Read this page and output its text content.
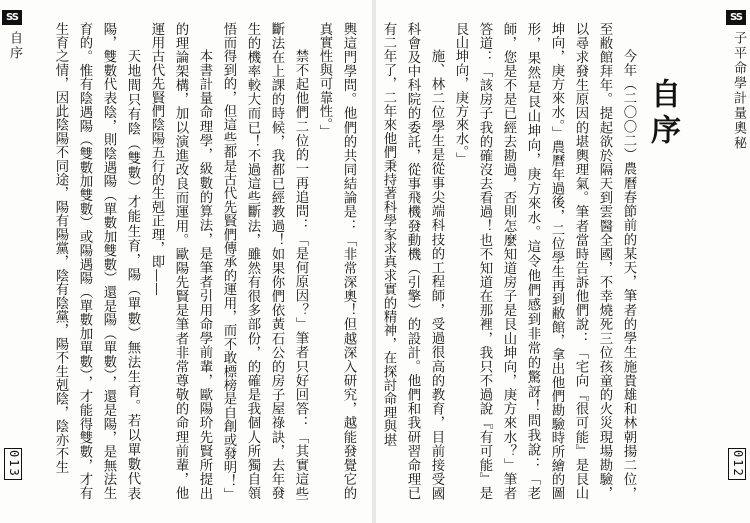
SS
自序
013	輿這門學問。他們的共同結論是：「非常深奧！但越深入研究，越能發覺它的真實性與可靠性。」

禁不起他們二位的一再追問：「是何原因？」筆者只好回答：「其實這些斷法在上課的時候，我都已經教過！如果你們依黃石公的房子屋祿訣，去年發生的機率較大而已！不過這些斷法，雖然有很多部份，的確是我個人所獨自領悟而得到的，但這些都是古代先賢們傳承的運用，而不敢標榜是自創或發明！」

本書計量命理學，級數的算法，是筆者引用命學前輩，歐陽玠先賢所提出的理論架構，加以演進改良而運用。歐陽先賢是筆者非常尊敬的命理前輩，他運用古代先賢們陰陽五行的生剋正理，即——

天地間只有陰（雙數）才能生育，陽（單數）無法生育。若以單數代表陽，雙數代表陰，則陰遇陽（單數加雙數）還是陽（單數），還是陽，是無法生育的。惟有陰遇陽（雙數加雙數）或陽遇陽（單數加單數），才能得雙數，才有生育之情，因此陰陽不同途，陽有陽黨，陰有陰黨，陽不生剋陰，陰亦不生	自序

今年（二〇〇二）農曆春節前的某天，筆者的學生施貴雄和林朝揚二位，至敝館拜年。提起欲於隔天到雲醫全國，不幸燒死三位孩童的火災現場勘驗，以尋求發生原因的堪輿理氣。筆者當時告訴他們說：「宅向『很可能』是艮山坤向，庚方來水。」農曆年過後，二位學生再到敝館，拿出他們勘驗時所繪的圖形，果然是艮山坤向，庚方來水。這令他們感到非常的驚訝！問我說：「老師，您是不是已經去勘過，否則怎麼知道房子是艮山坤向，庚方來水？」筆者答道：「該房子我的確沒去看過！也不知道在那裡，我只不過說『有可能』是艮山坤向，庚方來水。」

施、林二位學生是從事尖端科技的工程師，受過很高的教育，目前接受國科會及中科院的委託，從事飛機發動機（引擎）的設計。他們和我研習命理已有二年了，二年來他們秉持著科學家求真求實的精神，在探討命理與堪

SS
子平命學計量奧秘
012
